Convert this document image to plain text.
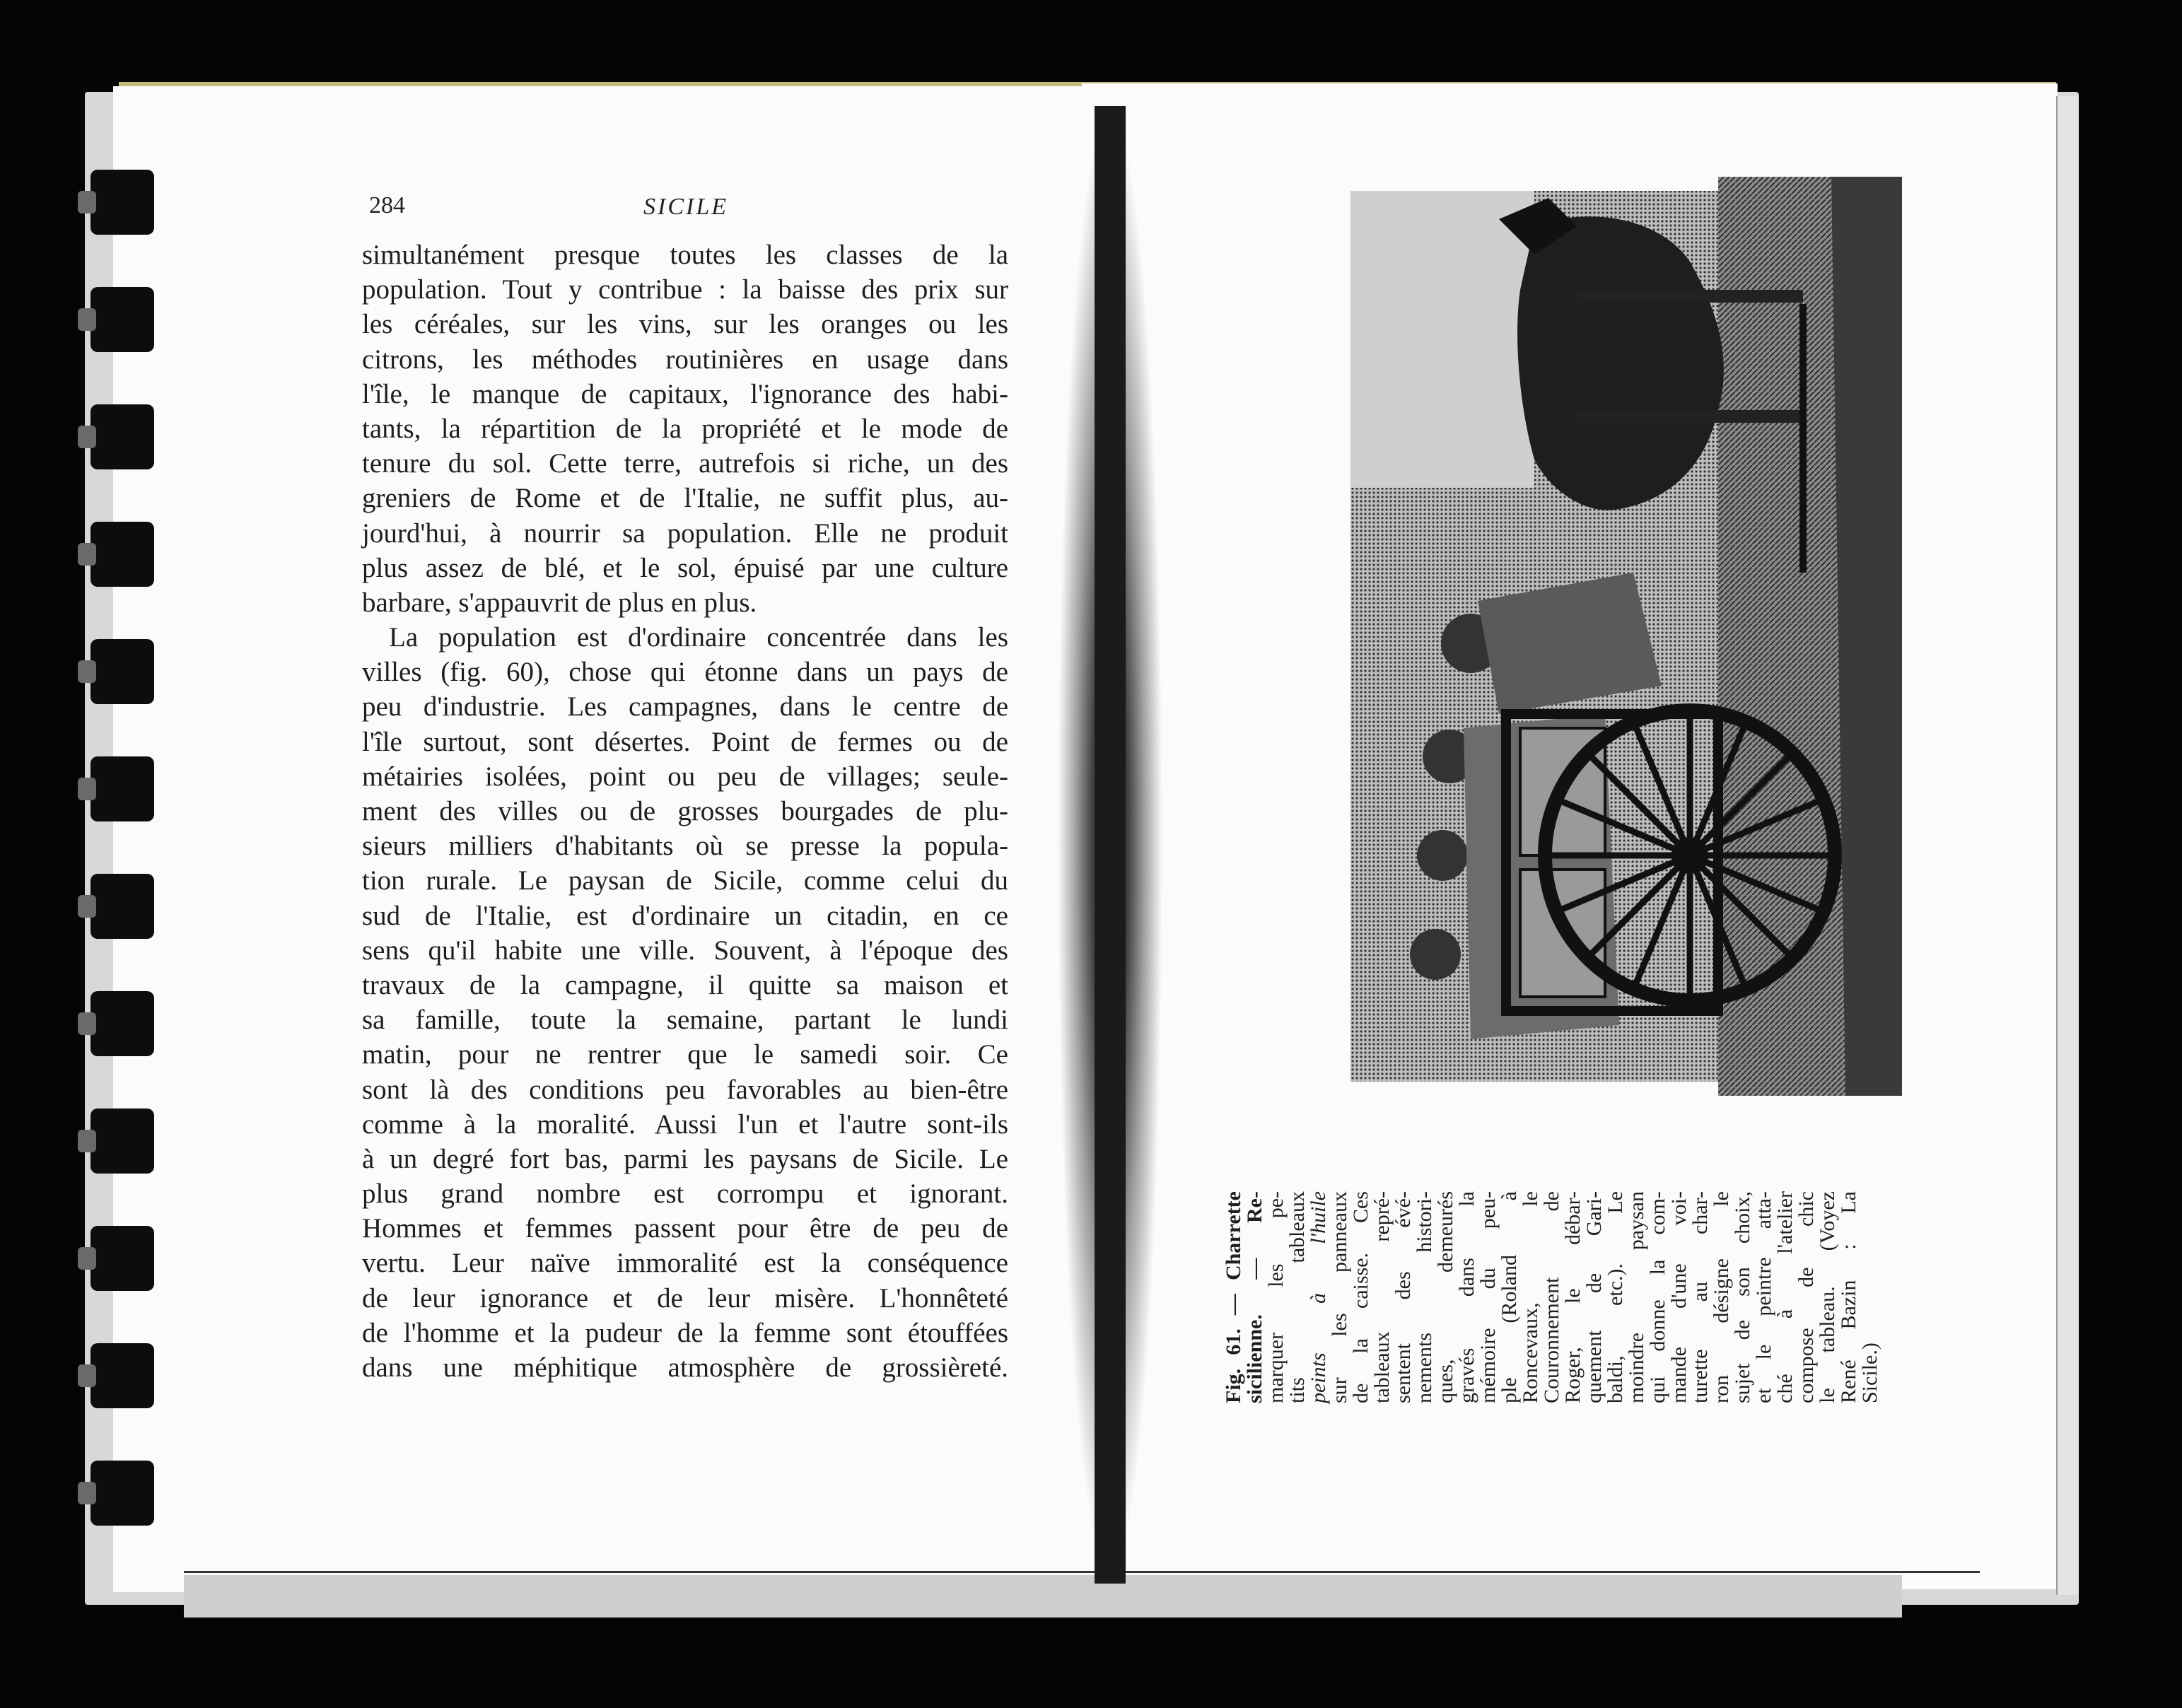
284	SICILE
simultanément presque toutes les classes de la
population. Tout y contribue : la baisse des prix sur
les céréales, sur les vins, sur les oranges ou les
citrons, les méthodes routinières en usage dans
l'île, le manque de capitaux, l'ignorance des habi-
tants, la répartition de la propriété et le mode de
tenure du sol. Cette terre, autrefois si riche, un des
greniers de Rome et de l'Italie, ne suffit plus, au-
jourd'hui, à nourrir sa population. Elle ne produit
plus assez de blé, et le sol, épuisé par une culture
barbare, s'appauvrit de plus en plus.
La population est d'ordinaire concentrée dans les
villes (fig. 60), chose qui étonne dans un pays de
peu d'industrie. Les campagnes, dans le centre de
l'île surtout, sont désertes. Point de fermes ou de
métairies isolées, point ou peu de villages; seule-
ment des villes ou de grosses bourgades de plu-
sieurs milliers d'habitants où se presse la popula-
tion rurale. Le paysan de Sicile, comme celui du
sud de l'Italie, est d'ordinaire un citadin, en ce
sens qu'il habite une ville. Souvent, à l'époque des
travaux de la campagne, il quitte sa maison et
sa famille, toute la semaine, partant le lundi
matin, pour ne rentrer que le samedi soir. Ce
sont là des conditions peu favorables au bien-être
comme à la moralité. Aussi l'un et l'autre sont-ils
à un degré fort bas, parmi les paysans de Sicile. Le
plus grand nombre est corrompu et ignorant.
Hommes et femmes passent pour être de peu de
vertu. Leur naïve immoralité est la conséquence
de leur ignorance et de leur misère. L'honnêteté
de l'homme et la pudeur de la femme sont étouffées
dans une méphitique atmosphère de grossièreté.	Fig. 61. — Charrette
sicilienne. — Re-
marquer les pe-
tits tableaux
peints à l'huile
sur les panneaux
de la caisse. Ces
tableaux repré-
sentent des évé-
nements histori-
ques, demeurés
gravés dans la
mémoire du peu-
ple (Roland à
Roncevaux, le
Couronnement de
Roger, le débar-
quement de Gari-
baldi, etc.). Le
moindre paysan
qui donne la com-
mande d'une voi-
turette au char-
ron désigne le
sujet de son choix,
et le peintre atta-
ché à l'atelier
compose de chic
le tableau. (Voyez
René Bazin : La
Sicile.)
